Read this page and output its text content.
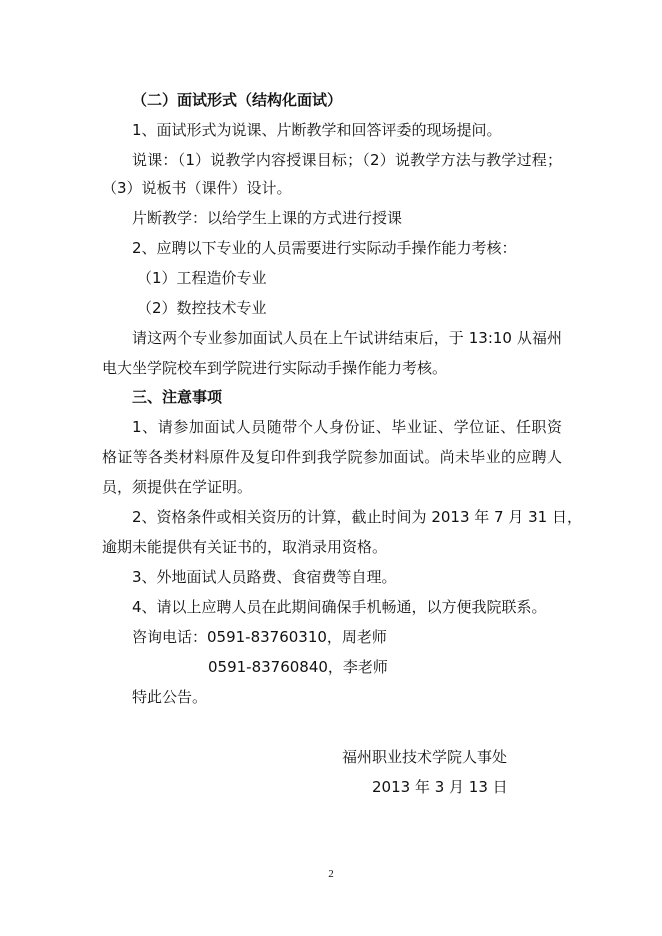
（二）面试形式（结构化面试）
1、面试形式为说课、片断教学和回答评委的现场提问。
说课：（1）说教学内容授课目标；（2）说教学方法与教学过程；
（3）说板书（课件）设计。
片断教学：以给学生上课的方式进行授课
2、应聘以下专业的人员需要进行实际动手操作能力考核：
（1）工程造价专业
（2）数控技术专业
请这两个专业参加面试人员在上午试讲结束后，于 13:10 从福州
电大坐学院校车到学院进行实际动手操作能力考核。
三、注意事项
1、请参加面试人员随带个人身份证、毕业证、学位证、任职资
格证等各类材料原件及复印件到我学院参加面试。尚未毕业的应聘人
员，须提供在学证明。
2、资格条件或相关资历的计算，截止时间为 2013 年 7 月 31 日，
逾期未能提供有关证书的，取消录用资格。
3、外地面试人员路费、食宿费等自理。
4、请以上应聘人员在此期间确保手机畅通，以方便我院联系。
咨询电话：0591-83760310，周老师
0591-83760840，李老师
特此公告。
福州职业技术学院人事处
2013 年 3 月 13 日
2
